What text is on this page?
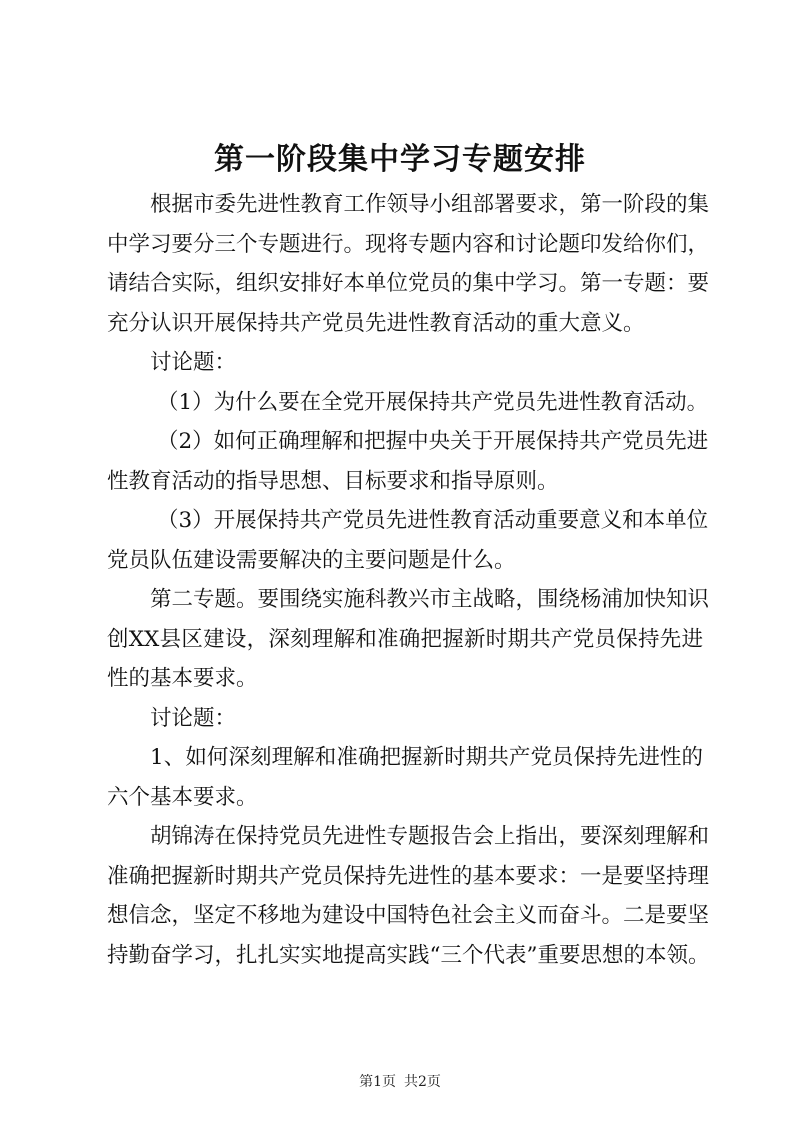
第一阶段集中学习专题安排

根据市委先进性教育工作领导小组部署要求，第一阶段的集
中学习要分三个专题进行。现将专题内容和讨论题印发给你们，
请结合实际，组织安排好本单位党员的集中学习。第一专题：要
充分认识开展保持共产党员先进性教育活动的重大意义。

讨论题：

（1）为什么要在全党开展保持共产党员先进性教育活动。

（2）如何正确理解和把握中央关于开展保持共产党员先进
性教育活动的指导思想、目标要求和指导原则。

（3）开展保持共产党员先进性教育活动重要意义和本单位
党员队伍建设需要解决的主要问题是什么。

第二专题。要围绕实施科教兴市主战略，围绕杨浦加快知识
创XX县区建设，深刻理解和准确把握新时期共产党员保持先进
性的基本要求。

讨论题：

1、如何深刻理解和准确把握新时期共产党员保持先进性的
六个基本要求。

胡锦涛在保持党员先进性专题报告会上指出，要深刻理解和
准确把握新时期共产党员保持先进性的基本要求：一是要坚持理
想信念，坚定不移地为建设中国特色社会主义而奋斗。二是要坚
持勤奋学习，扎扎实实地提高实践“三个代表”重要思想的本领。

第1页 共2页
